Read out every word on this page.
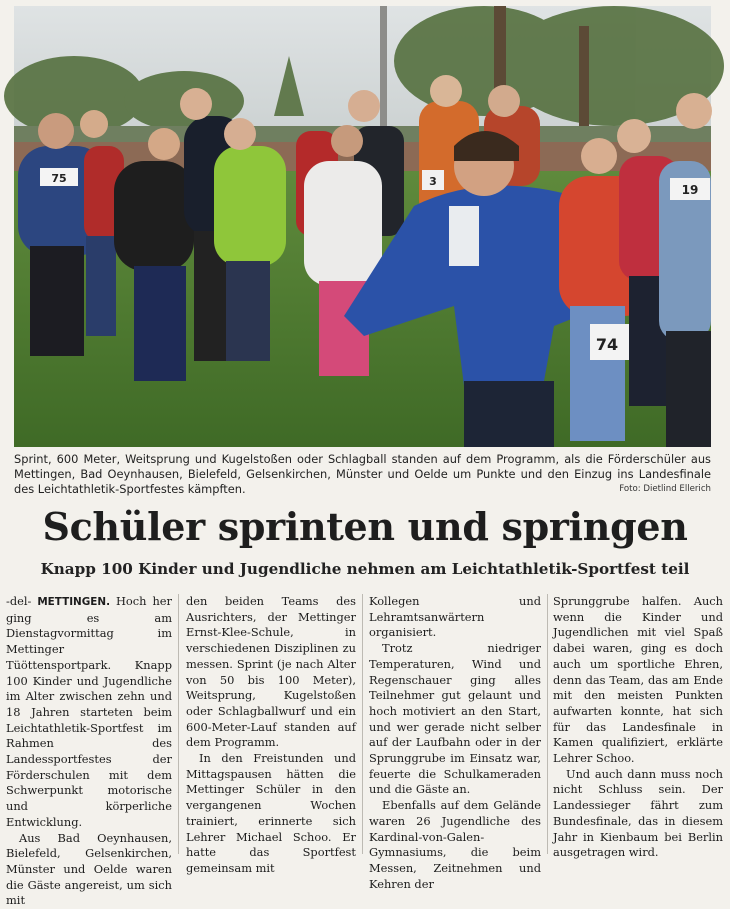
75	3
74
19
Sprint, 600 Meter, Weitsprung und Kugelstoßen oder Schlagball standen auf dem Programm, als die Förderschüler aus Mettingen, Bad Oeynhausen, Bielefeld, Gelsenkirchen, Münster und Oelde um Punkte und den Einzug ins Landesfinale des Leichtathletik-Sportfestes kämpften.	Foto: Dietlind Ellerich
Schüler sprinten und springen
Knapp 100 Kinder und Jugendliche nehmen am Leichtathletik-Sportfest teil

-del- METTINGEN. Hoch her ging es am Dienstagvormittag im Mettinger Tüöttensportpark. Knapp 100 Kinder und Jugendliche im Alter zwischen zehn und 18 Jahren starteten beim Leichtathletik-Sportfest im Rahmen des Landessportfestes der Förderschulen mit dem Schwerpunkt motorische und körperliche Entwicklung.

Aus Bad Oeynhausen, Bielefeld, Gelsenkirchen, Münster und Oelde waren die Gäste angereist, um sich mit

den beiden Teams des Ausrichters, der Mettinger Ernst-Klee-Schule, in verschiedenen Disziplinen zu messen. Sprint (je nach Alter von 50 bis 100 Meter), Weitsprung, Kugelstoßen oder Schlagballwurf und ein 600-Meter-Lauf standen auf dem Programm.

In den Freistunden und Mittagspausen hätten die Mettinger Schüler in den vergangenen Wochen trainiert, erinnerte sich Lehrer Michael Schoo. Er hatte das Sportfest gemeinsam mit

Kollegen und Lehramtsanwärtern organisiert.

Trotz niedriger Temperaturen, Wind und Regenschauer ging alles Teilnehmer gut gelaunt und hoch motiviert an den Start, und wer gerade nicht selber auf der Laufbahn oder in der Sprunggrube im Einsatz war, feuerte die Schulkameraden und die Gäste an.

Ebenfalls auf dem Gelände waren 26 Jugendliche des Kardinal-von-Galen-Gymnasiums, die beim Messen, Zeitnehmen und Kehren der

Sprunggrube halfen. Auch wenn die Kinder und Jugendlichen mit viel Spaß dabei waren, ging es doch auch um sportliche Ehren, denn das Team, das am Ende mit den meisten Punkten aufwarten konnte, hat sich für das Landesfinale in Kamen qualifiziert, erklärte Lehrer Schoo.

Und auch dann muss noch nicht Schluss sein. Der Landessieger fährt zum Bundesfinale, das in diesem Jahr in Kienbaum bei Berlin ausgetragen wird.
